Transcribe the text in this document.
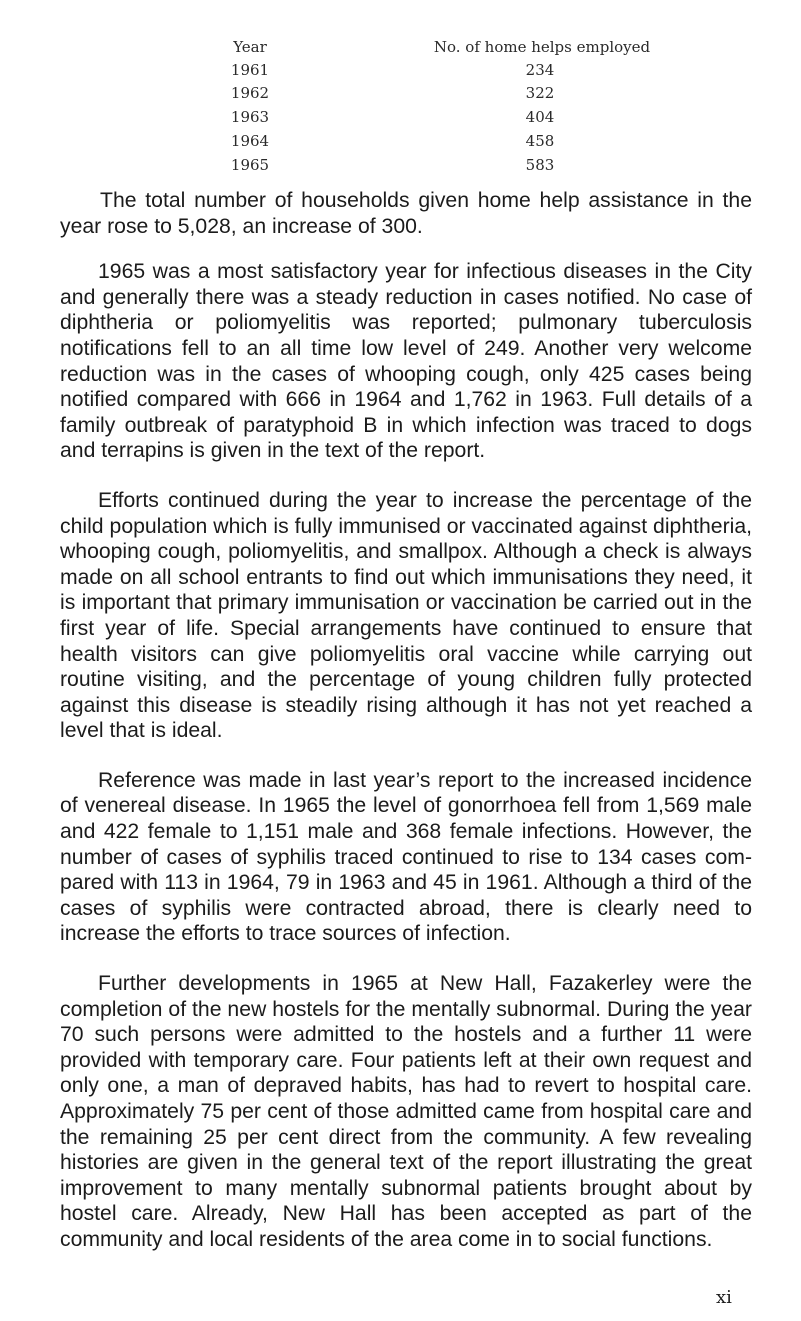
Year	No. of home helps employed
1961	234
1962	322
1963	404
1964	458
1965	583

The total number of households given home help assistance in the year rose to 5,028, an increase of 300.

1965 was a most satisfactory year for infectious diseases in the City and generally there was a steady reduction in cases notified. No case of diphtheria or poliomyelitis was reported; pulmonary tuberculosis notifications fell to an all time low level of 249. Another very welcome reduction was in the cases of whooping cough, only 425 cases being notified compared with 666 in 1964 and 1,762 in 1963. Full details of a family outbreak of paratyphoid B in which infection was traced to dogs and terrapins is given in the text of the report.

Efforts continued during the year to increase the percentage of the child population which is fully immunised or vaccinated against diphtheria, whooping cough, poliomyelitis, and smallpox. Although a check is always made on all school entrants to find out which immunisations they need, it is important that primary immunisation or vaccination be carried out in the first year of life. Special arrangements have continued to ensure that health visitors can give poliomyelitis oral vaccine while carrying out routine visiting, and the percentage of young children fully protected against this disease is steadily rising although it has not yet reached a level that is ideal.

Reference was made in last year’s report to the increased incidence of venereal disease. In 1965 the level of gonorrhoea fell from 1,569 male and 422 female to 1,151 male and 368 female infections. However, the number of cases of syphilis traced continued to rise to 134 cases compared with 113 in 1964, 79 in 1963 and 45 in 1961. Although a third of the cases of syphilis were contracted abroad, there is clearly need to increase the efforts to trace sources of infection.

Further developments in 1965 at New Hall, Fazakerley were the completion of the new hostels for the mentally subnormal. During the year 70 such persons were admitted to the hostels and a further 11 were provided with temporary care. Four patients left at their own request and only one, a man of depraved habits, has had to revert to hospital care. Approximately 75 per cent of those admitted came from hospital care and the remaining 25 per cent direct from the community. A few revealing histories are given in the general text of the report illustrating the great improvement to many mentally subnormal patients brought about by hostel care. Already, New Hall has been accepted as part of the community and local residents of the area come in to social functions.

xi
